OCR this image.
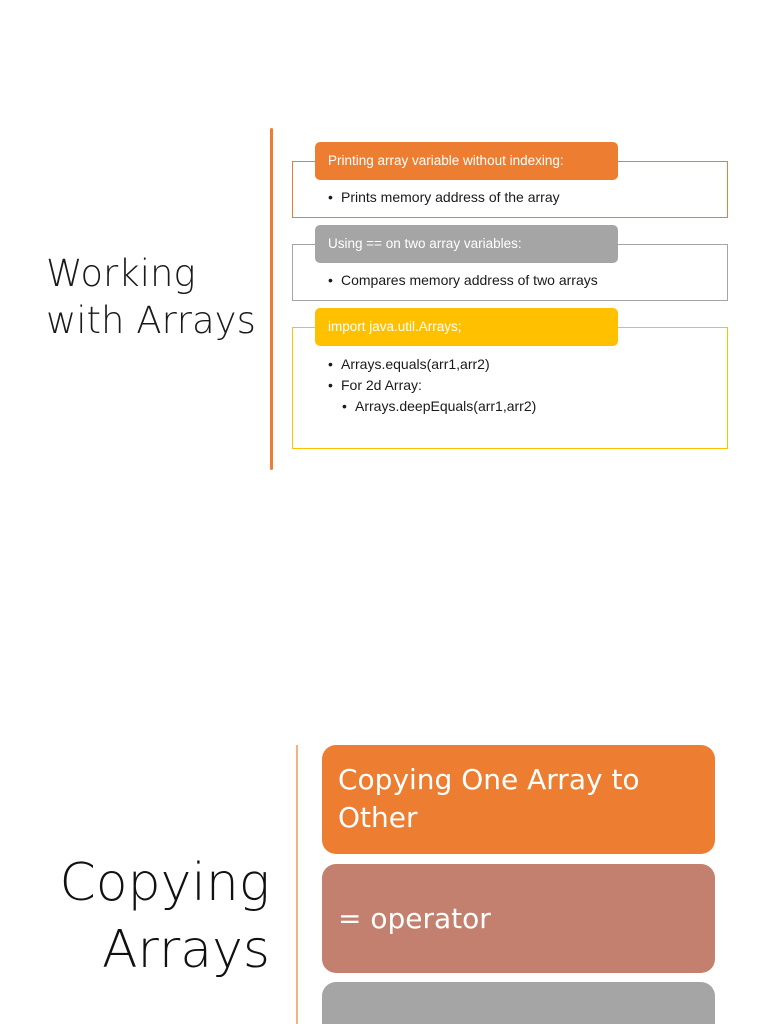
Working
with Arrays
• Prints memory address of the array
Printing array variable without indexing:
• Compares memory address of two arrays
Using == on two array variables:
• Arrays.equals(arr1,arr2)
• For 2d Array:
• Arrays.deepEquals(arr1,arr2)
import java.util.Arrays;
Copying
Arrays
Copying One Array to Other
= operator
